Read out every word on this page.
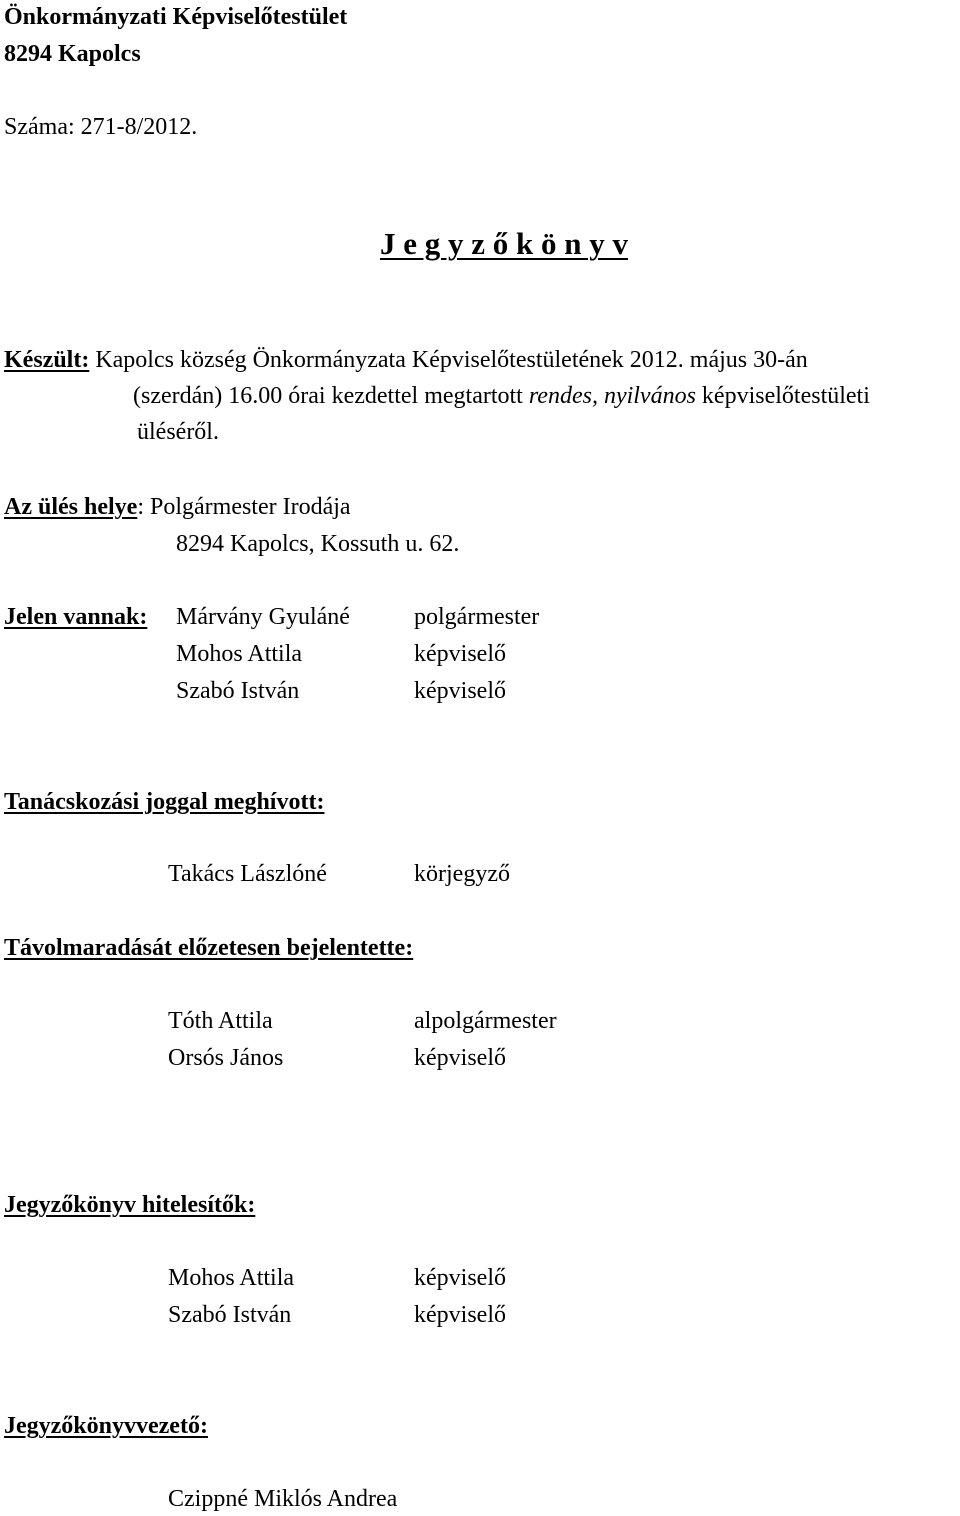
Önkormányzati Képviselőtestület
8294 Kapolcs
Száma: 271-8/2012.
J e g y z ő k ö n y v
Készült: Kapolcs község Önkormányzata Képviselőtestületének 2012. május 30-án
(szerdán) 16.00 órai kezdettel megtartott rendes, nyilvános képviselőtestületi
üléséről.
Az ülés helye: Polgármester Irodája
8294 Kapolcs, Kossuth u. 62.
Jelen vannak: Márvány Gyuláné	polgármester
Mohos Attila	képviselő
Szabó István	képviselő
Tanácskozási joggal meghívott:
Takács Lászlóné	körjegyző
Távolmaradását előzetesen bejelentette:
Tóth Attila	alpolgármester
Orsós János	képviselő
Jegyzőkönyv hitelesítők:
Mohos Attila	képviselő
Szabó István	képviselő
Jegyzőkönyvvezető:
Czippné Miklós Andrea
